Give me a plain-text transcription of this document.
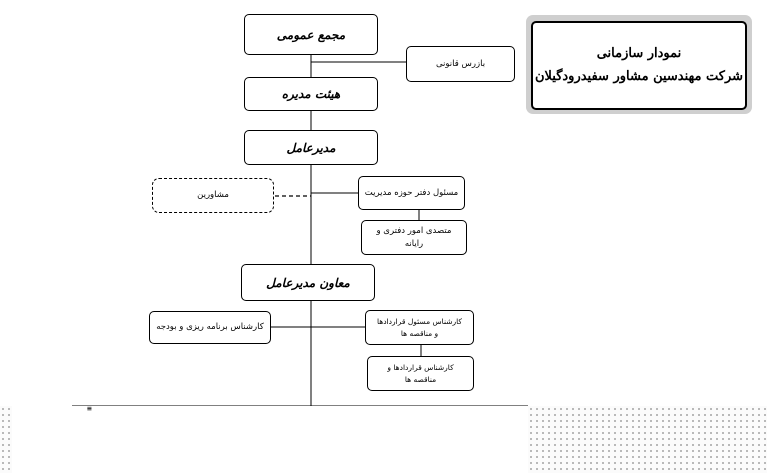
≡
مجمع عمومی
بازرس قانونی
هیئت مدیره
مدیرعامل
مشاورین	مسئول دفتر حوزه مدیریت
متصدی امور دفتری و رایانه
معاون مدیرعامل
کارشناس برنامه ریزی و بودجه
کارشناس مسئول قراردادها
و مناقصه ها
کارشناس قراردادها و
مناقصه ها
نمودار سازمانی
شرکت مهندسین مشاور سفیدرودگیلان
